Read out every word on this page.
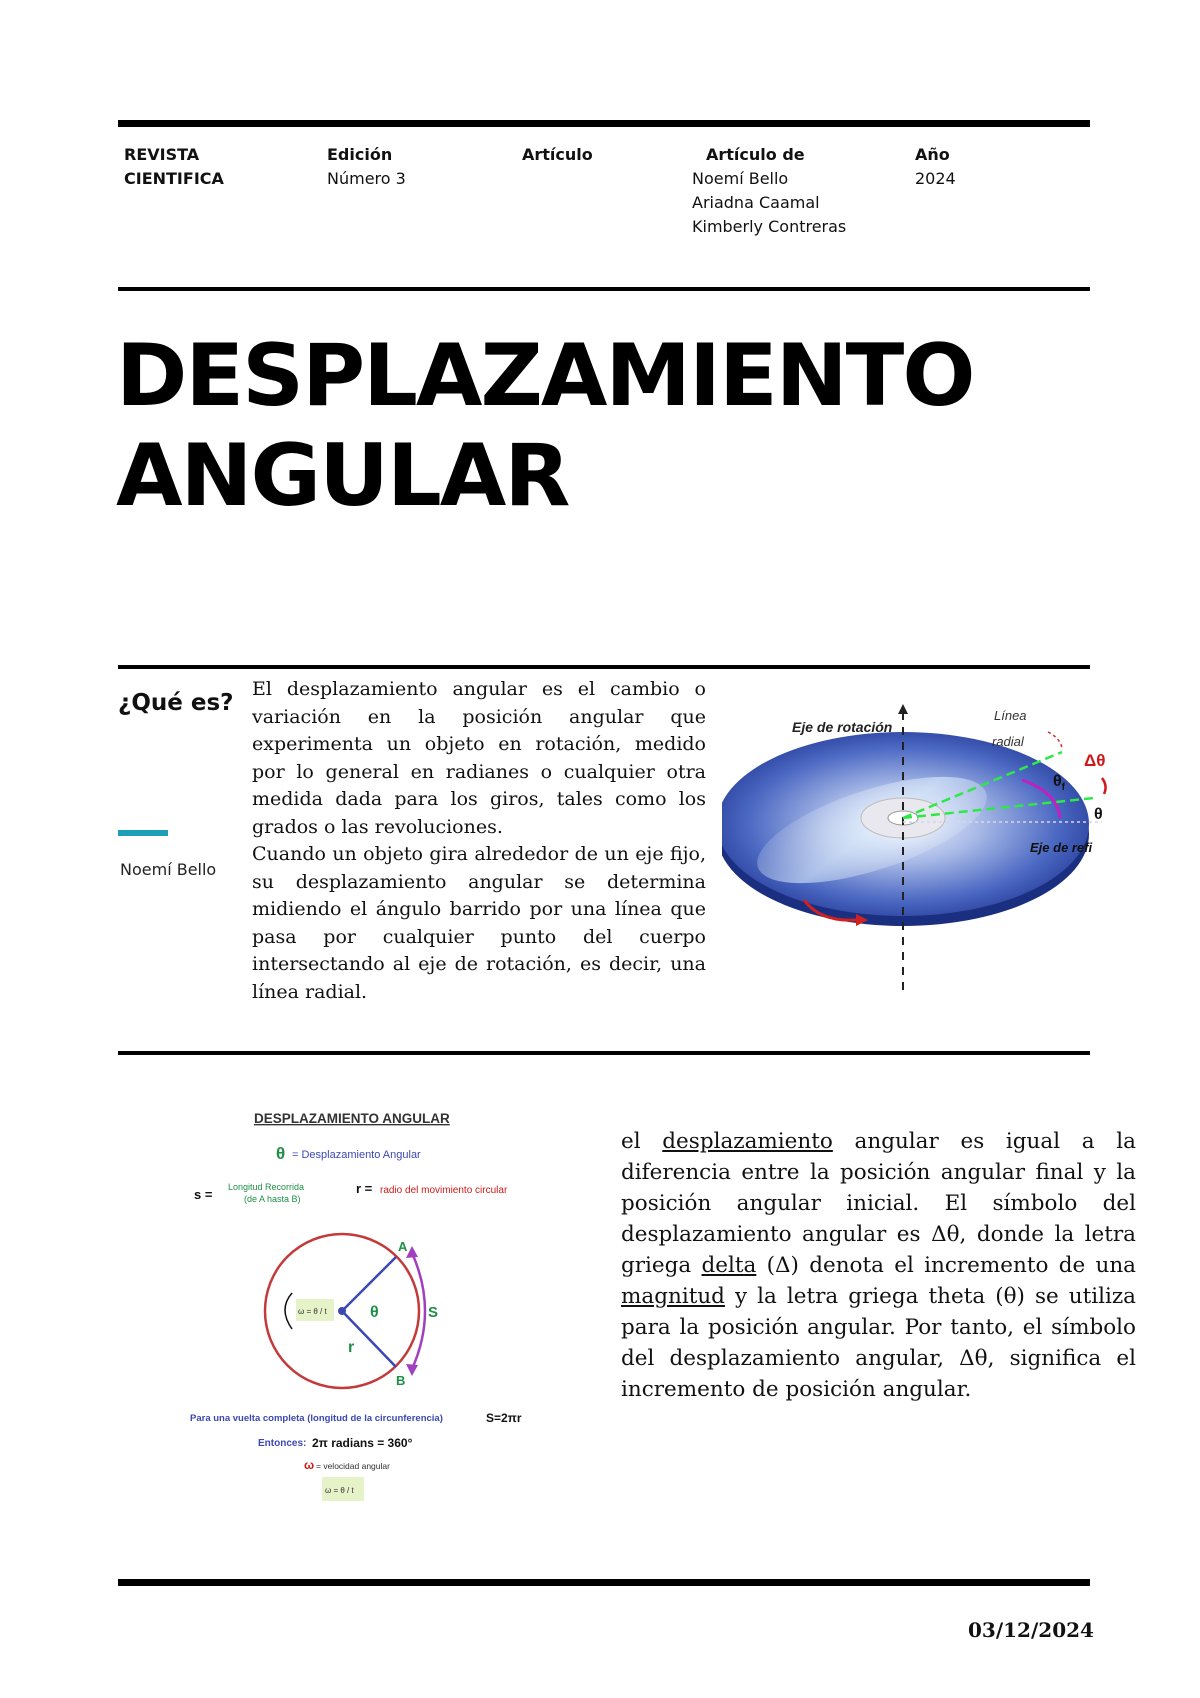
REVISTA
CIENTIFICA
Edición
Número 3
Artículo	Artículo de
Noemí Bello
Ariadna Caamal
Kimberly Contreras
Año
2024
DESPLAZAMIENTO
ANGULAR
¿Qué es?
Noemí Bello

El desplazamiento angular es el cambio o variación en la posición angular que experimenta un objeto en rotación, medido por lo general en radianes o cualquier otra medida dada para los giros, tales como los grados o las revoluciones.

Cuando un objeto gira alrededor de un eje fijo, su desplazamiento angular se determina midiendo el ángulo barrido por una línea que pasa por cualquier punto del cuerpo intersectando al eje de rotación, es decir, una línea radial.

Eje de rotación
Línea
radial
Δθ
$\theta_f$
θ
Eje de refi
DESPLAZAMIENTO ANGULAR
θ = Desplazamiento Angular
s = Longitud Recorrida
(de A hasta B)
r = radio del movimiento circular
A
B
S
r
θ
ω = θ / t
Para una vuelta completa (longitud de la circunferencia)	S=2πr
Entonces: 2π radians = 360°
ω = velocidad angular
ω = θ / t
el desplazamiento angular es igual a la diferencia entre la posición angular final y la posición angular inicial. El símbolo del desplazamiento angular es Δθ, donde la letra griega delta (Δ) denota el incremento de una magnitud y la letra griega theta (θ) se utiliza para la posición angular. Por tanto, el símbolo del desplazamiento angular, Δθ, significa el incremento de posición angular.
03/12/2024
